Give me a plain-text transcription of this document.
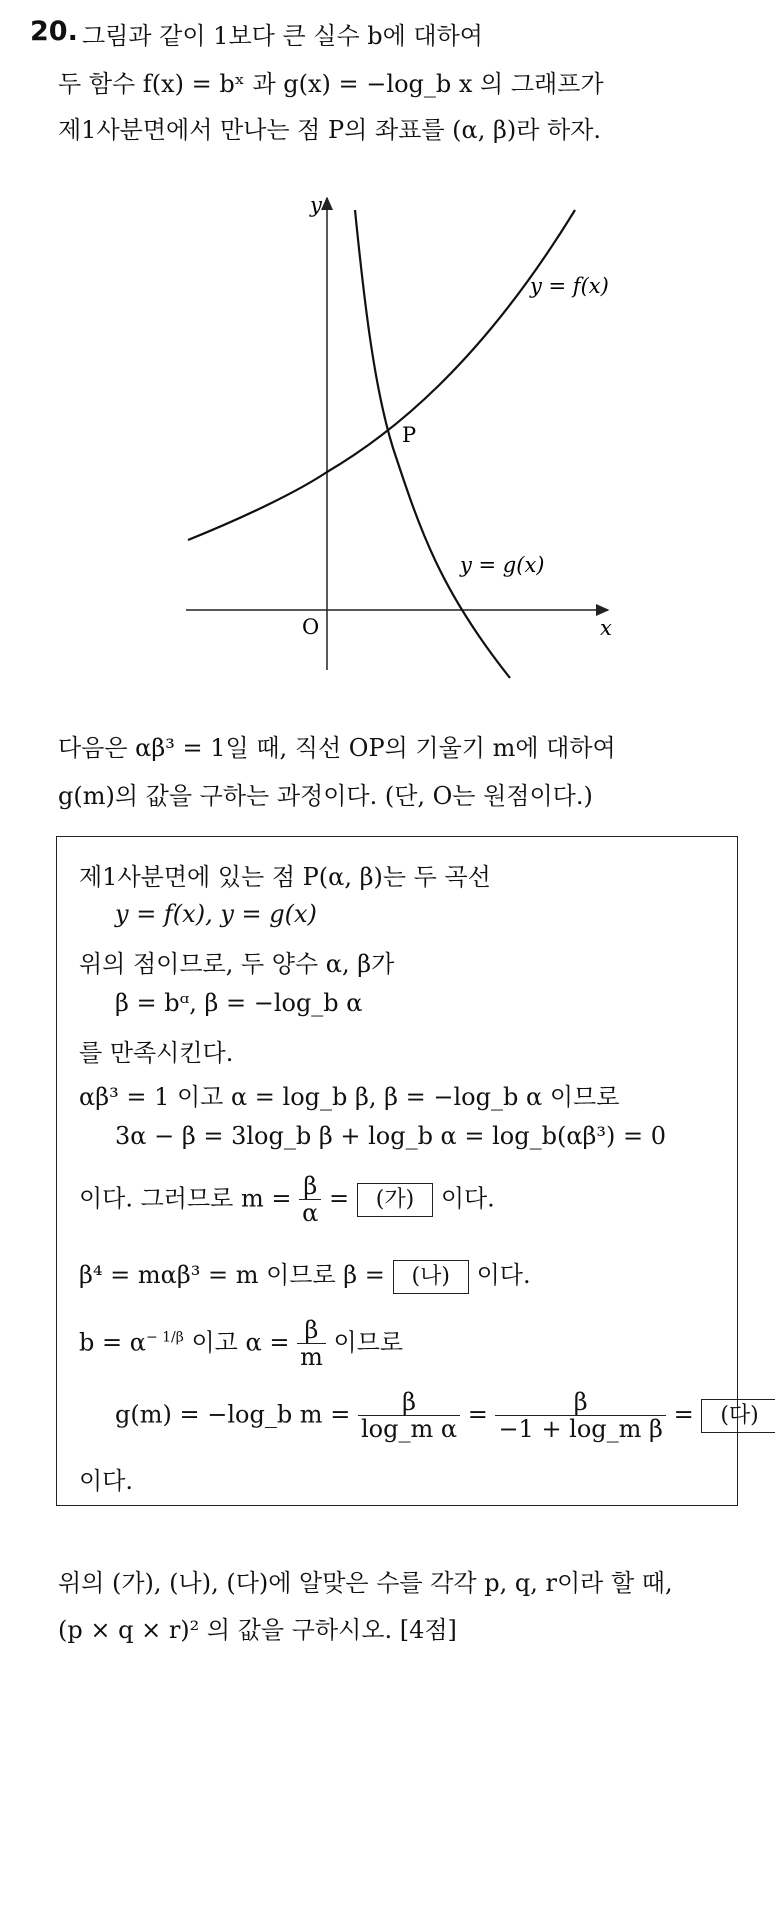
20. 그림과 같이 1보다 큰 실수 b에 대하여
두 함수 f(x) = bˣ 과 g(x) = −log_b x 의 그래프가
제1사분면에서 만나는 점 P의 좌표를 (α, β)라 하자.
y
x
O
P
y = f(x)
y = g(x)
다음은 αβ³ = 1일 때, 직선 OP의 기울기 m에 대하여
g(m)의 값을 구하는 과정이다. (단, O는 원점이다.)
제1사분면에 있는 점 P(α, β)는 두 곡선
y = f(x), y = g(x)
위의 점이므로, 두 양수 α, β가
β = bᵅ, β = −log_b α
를 만족시킨다.
αβ³ = 1 이고 α = log_b β, β = −log_b α 이므로
3α − β = 3log_b β + log_b α = log_b(αβ³) = 0
이다. 그러므로 $m = \frac{\beta}{\alpha}$ = (가) 이다.
β⁴ = mαβ³ = m 이므로 β = (나) 이다.
$b = \alpha^{- 1/\beta}$ 이고 $\alpha = \frac{\beta}{m}$ 이므로
g(m) = −log_b $m = \frac{\beta}{\text{log\_m α}} = \frac{\beta}{\text{−1 + log\_m β}}$ = (다)
이다.
위의 (가), (나), (다)에 알맞은 수를 각각 p, q, r이라 할 때,
(p × q × r)² 의 값을 구하시오. [4점]
